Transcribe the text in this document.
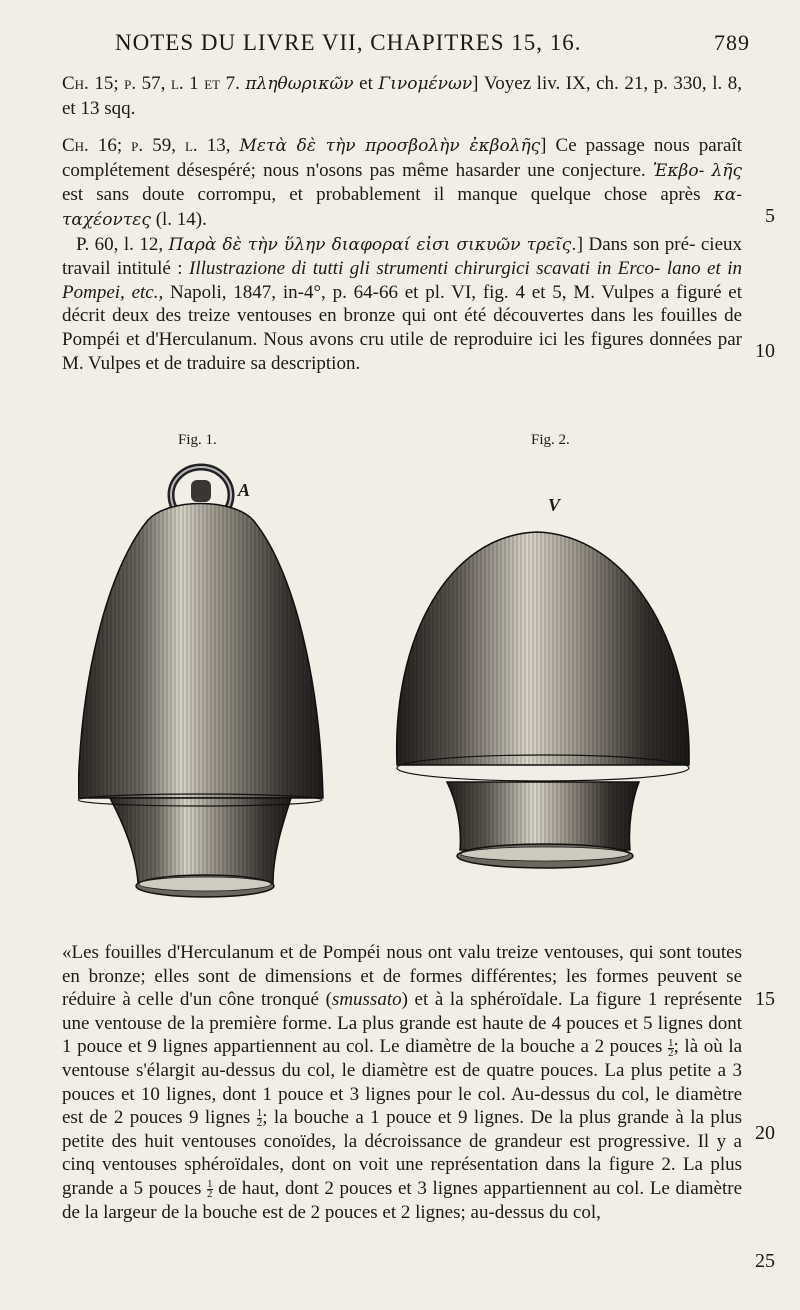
NOTES DU LIVRE VII, CHAPITRES 15, 16.	789

Ch. 15; p. 57, l. 1 et 7. πληθωρικῶν et Γινομένων] Voyez liv. IX, ch. 21, p. 330, l. 8, et 13 sqq.

Ch. 16; p. 59, l. 13, Μετὰ δὲ τὴν προσβολὴν ἐκβολῆς] Ce passage nous paraît complétement désespéré; nous n'osons pas même hasarder une conjecture. Ἐκβο- λῆς est sans doute corrompu, et probablement il manque quelque chose après κα- ταχέοντες (l. 14).

P. 60, l. 12, Παρὰ δὲ τὴν ὕλην διαφοραί εἰσι σικυῶν τρεῖς.] Dans son pré- cieux travail intitulé : Illustrazione di tutti gli strumenti chirurgici scavati in Erco- lano et in Pompei, etc., Napoli, 1847, in-4°, p. 64-66 et pl. VI, fig. 4 et 5, M. Vulpes a figuré et décrit deux des treize ventouses en bronze qui ont été découvertes dans les fouilles de Pompéi et d'Herculanum. Nous avons cru utile de reproduire ici les figures données par M. Vulpes et de traduire sa description.

Fig. 1.	Fig. 2.
A
V

«Les fouilles d'Herculanum et de Pompéi nous ont valu treize ventouses, qui sont toutes en bronze; elles sont de dimensions et de formes différentes; les formes peuvent se réduire à celle d'un cône tronqué (smussato) et à la sphéroïdale. La figure 1 représente une ventouse de la première forme. La plus grande est haute de 4 pouces et 5 lignes dont 1 pouce et 9 lignes appartiennent au col. Le diamètre de la bouche a 2 pouces $\frac{1}{2}$ ; là où la ventouse s'élargit au-dessus du col, le diamètre est de quatre pouces. La plus petite a 3 pouces et 10 lignes, dont 1 pouce et 3 lignes pour le col. Au-dessus du col, le diamètre est de 2 pouces 9 lignes $\frac{1}{2}$ ; la bouche a 1 pouce et 9 lignes. De la plus grande à la plus petite des huit ventouses conoïdes, la décroissance de grandeur est progressive. Il y a cinq ventouses sphéroïdales, dont on voit une représentation dans la figure 2. La plus grande a 5 pouces $\frac{1}{2}$ de haut, dont 2 pouces et 3 lignes appartiennent au col. Le diamètre de la largeur de la bouche est de 2 pouces et 2 lignes; au-dessus du col,

5
10
15
20
25
